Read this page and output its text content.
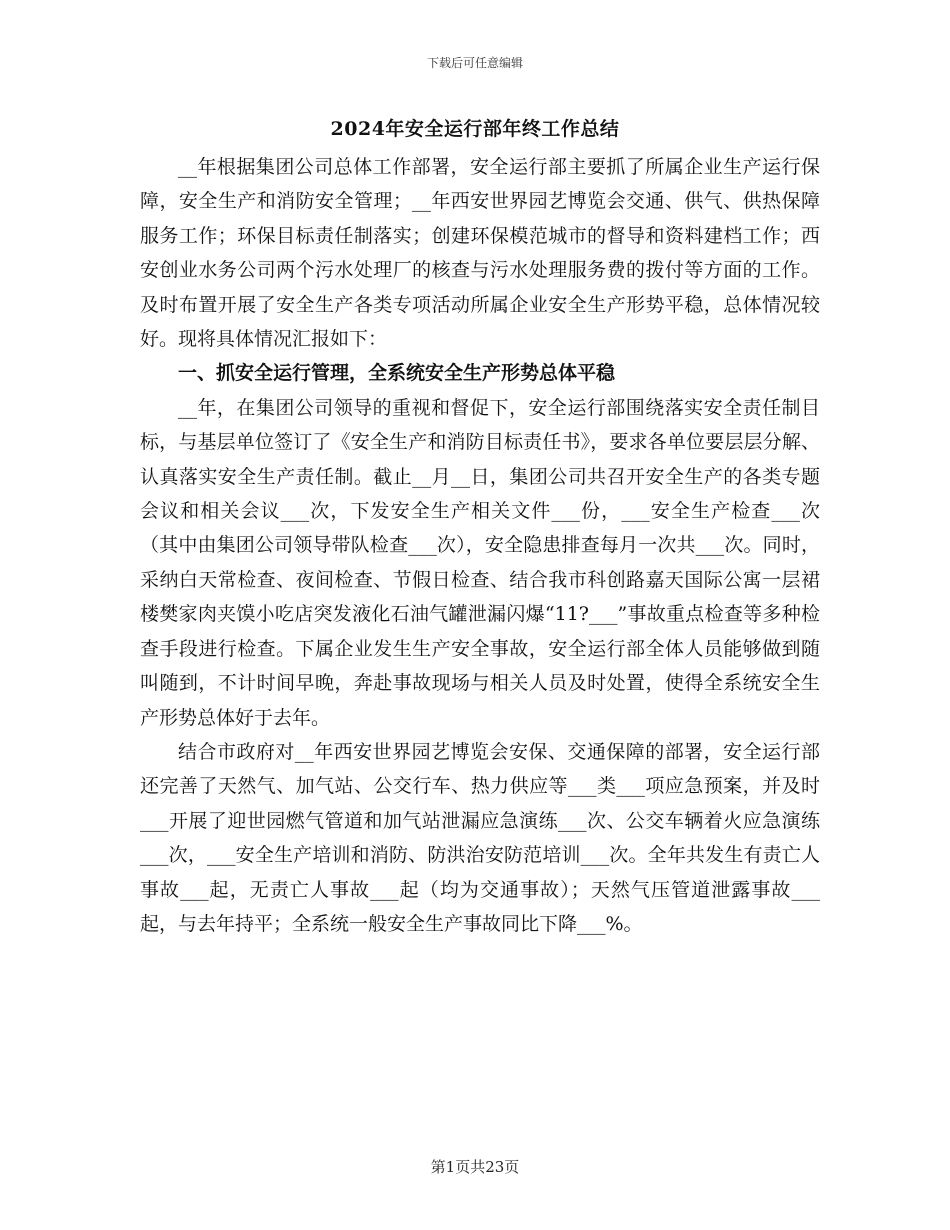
下载后可任意编辑
2024年安全运行部年终工作总结

__年根据集团公司总体工作部署，安全运行部主要抓了所属企业生产运行保障，安全生产和消防安全管理；__年西安世界园艺博览会交通、供气、供热保障服务工作；环保目标责任制落实；创建环保模范城市的督导和资料建档工作；西安创业水务公司两个污水处理厂的核查与污水处理服务费的拨付等方面的工作。及时布置开展了安全生产各类专项活动所属企业安全生产形势平稳，总体情况较好。现将具体情况汇报如下：

一、抓安全运行管理，全系统安全生产形势总体平稳

__年，在集团公司领导的重视和督促下，安全运行部围绕落实安全责任制目标，与基层单位签订了《安全生产和消防目标责任书》，要求各单位要层层分解、认真落实安全生产责任制。截止__月__日，集团公司共召开安全生产的各类专题会议和相关会议___次，下发安全生产相关文件___份，___安全生产检查___次（其中由集团公司领导带队检查___次），安全隐患排查每月一次共___次。同时，采纳白天常检查、夜间检查、节假日检查、结合我市科创路嘉天国际公寓一层裙楼樊家肉夹馍小吃店突发液化石油气罐泄漏闪爆“11?___”事故重点检查等多种检查手段进行检查。下属企业发生生产安全事故，安全运行部全体人员能够做到随叫随到，不计时间早晚，奔赴事故现场与相关人员及时处置，使得全系统安全生产形势总体好于去年。

结合市政府对__年西安世界园艺博览会安保、交通保障的部署，安全运行部还完善了天然气、加气站、公交行车、热力供应等___类___项应急预案，并及时___开展了迎世园燃气管道和加气站泄漏应急演练___次、公交车辆着火应急演练___次，___安全生产培训和消防、防洪治安防范培训___次。全年共发生有责亡人事故___起，无责亡人事故___起（均为交通事故）；天然气压管道泄露事故___起，与去年持平；全系统一般安全生产事故同比下降___%。

第1页共23页
